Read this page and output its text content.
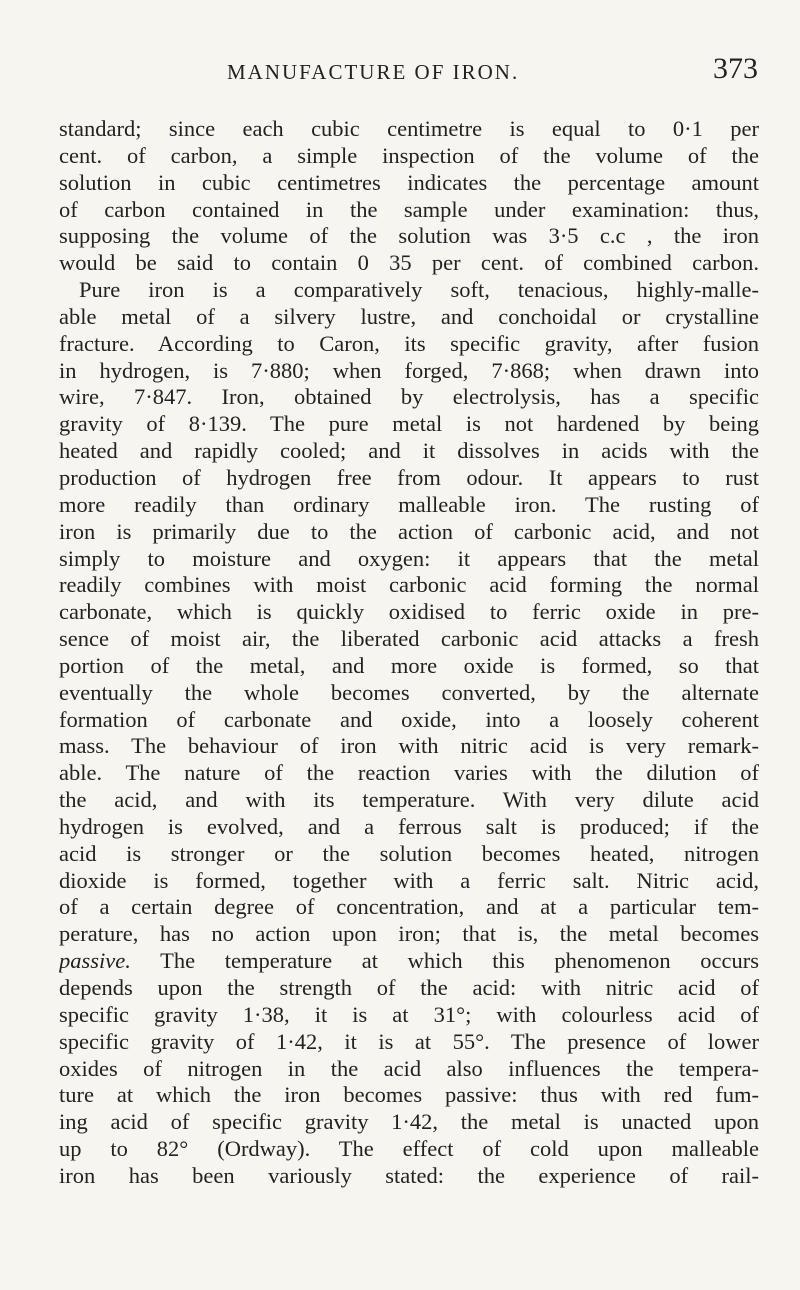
MANUFACTURE OF IRON.	373
standard; since each cubic centimetre is equal to 0·1 per
cent. of carbon, a simple inspection of the volume of the
solution in cubic centimetres indicates the percentage amount
of carbon contained in the sample under examination: thus,
supposing the volume of the solution was 3·5 c.c , the iron
would be said to contain 0 35 per cent. of combined carbon.
Pure iron is a comparatively soft, tenacious, highly-malle-
able metal of a silvery lustre, and conchoidal or crystalline
fracture. According to Caron, its specific gravity, after fusion
in hydrogen, is 7·880; when forged, 7·868; when drawn into
wire, 7·847. Iron, obtained by electrolysis, has a specific
gravity of 8·139. The pure metal is not hardened by being
heated and rapidly cooled; and it dissolves in acids with the
production of hydrogen free from odour. It appears to rust
more readily than ordinary malleable iron. The rusting of
iron is primarily due to the action of carbonic acid, and not
simply to moisture and oxygen: it appears that the metal
readily combines with moist carbonic acid forming the normal
carbonate, which is quickly oxidised to ferric oxide in pre-
sence of moist air, the liberated carbonic acid attacks a fresh
portion of the metal, and more oxide is formed, so that
eventually the whole becomes converted, by the alternate
formation of carbonate and oxide, into a loosely coherent
mass. The behaviour of iron with nitric acid is very remark-
able. The nature of the reaction varies with the dilution of
the acid, and with its temperature. With very dilute acid
hydrogen is evolved, and a ferrous salt is produced; if the
acid is stronger or the solution becomes heated, nitrogen
dioxide is formed, together with a ferric salt. Nitric acid,
of a certain degree of concentration, and at a particular tem-
perature, has no action upon iron; that is, the metal becomes
passive. The temperature at which this phenomenon occurs
depends upon the strength of the acid: with nitric acid of
specific gravity 1·38, it is at 31°; with colourless acid of
specific gravity of 1·42, it is at 55°. The presence of lower
oxides of nitrogen in the acid also influences the tempera-
ture at which the iron becomes passive: thus with red fum-
ing acid of specific gravity 1·42, the metal is unacted upon
up to 82° (Ordway). The effect of cold upon malleable
iron has been variously stated: the experience of rail-
